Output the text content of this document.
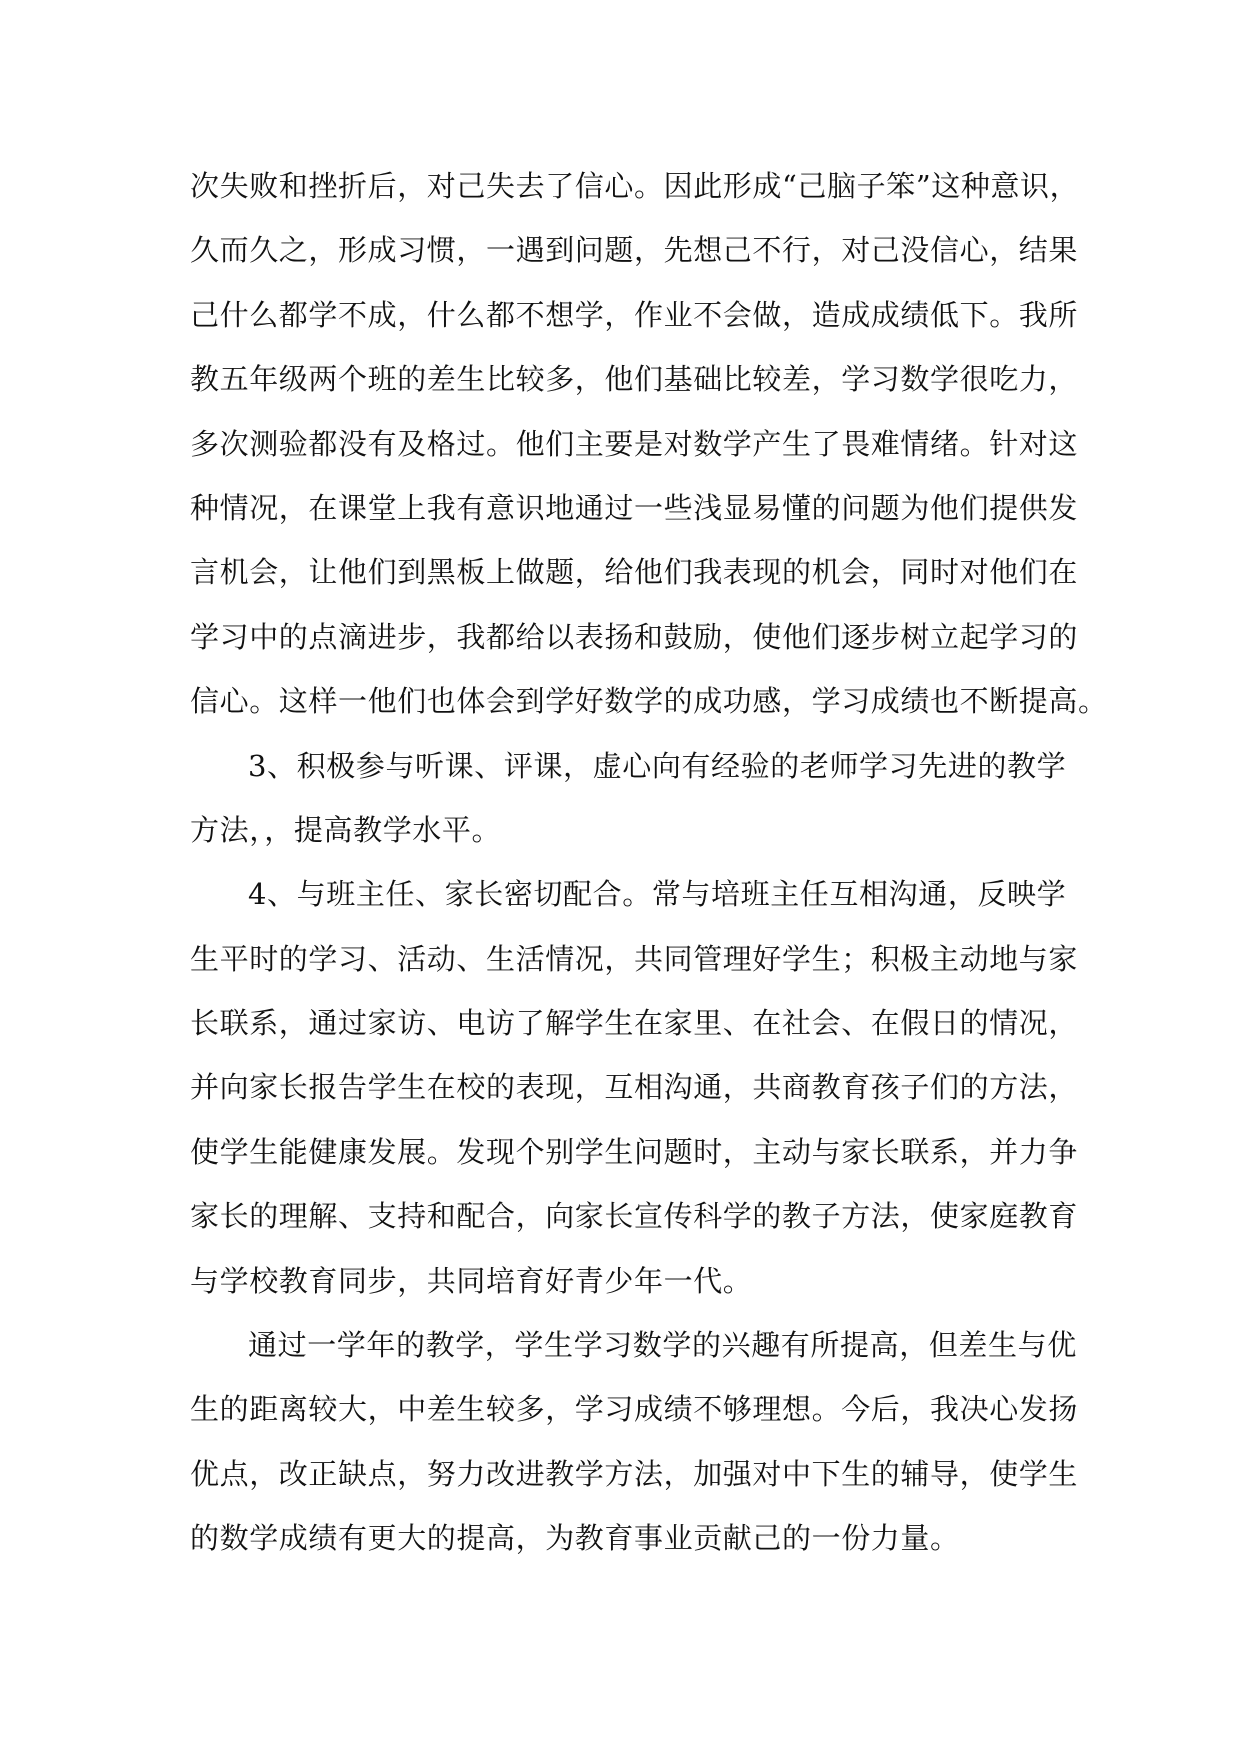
次失败和挫折后，对己失去了信心。因此形成“己脑子笨”这种意识，
久而久之，形成习惯，一遇到问题，先想己不行，对己没信心，结果
己什么都学不成，什么都不想学，作业不会做，造成成绩低下。我所
教五年级两个班的差生比较多，他们基础比较差，学习数学很吃力，
多次测验都没有及格过。他们主要是对数学产生了畏难情绪。针对这
种情况，在课堂上我有意识地通过一些浅显易懂的问题为他们提供发
言机会，让他们到黑板上做题，给他们我表现的机会，同时对他们在
学习中的点滴进步，我都给以表扬和鼓励，使他们逐步树立起学习的
信心。这样一他们也体会到学好数学的成功感，学习成绩也不断提高。
3、积极参与听课、评课，虚心向有经验的老师学习先进的教学
方法，，提高教学水平。
4、与班主任、家长密切配合。常与培班主任互相沟通，反映学
生平时的学习、活动、生活情况，共同管理好学生；积极主动地与家
长联系，通过家访、电访了解学生在家里、在社会、在假日的情况，
并向家长报告学生在校的表现，互相沟通，共商教育孩子们的方法，
使学生能健康发展。发现个别学生问题时，主动与家长联系，并力争
家长的理解、支持和配合，向家长宣传科学的教子方法，使家庭教育
与学校教育同步，共同培育好青少年一代。
通过一学年的教学，学生学习数学的兴趣有所提高，但差生与优
生的距离较大，中差生较多，学习成绩不够理想。今后，我决心发扬
优点，改正缺点，努力改进教学方法，加强对中下生的辅导，使学生
的数学成绩有更大的提高，为教育事业贡献己的一份力量。
